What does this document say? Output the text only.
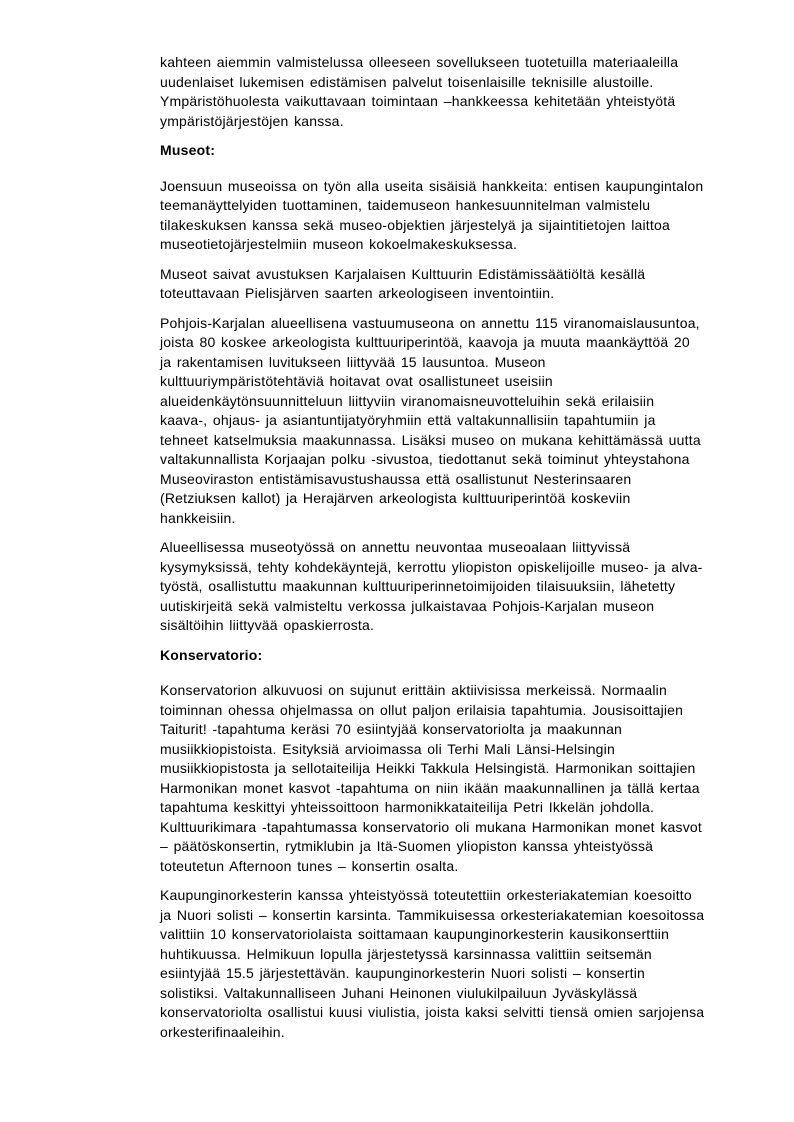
kahteen aiemmin valmistelussa olleeseen sovellukseen tuotetuilla materiaaleilla uudenlaiset lukemisen edistämisen palvelut toisenlaisille teknisille alustoille. Ympäristöhuolesta vaikuttavaan toimintaan –hankkeessa kehitetään yhteistyötä ympäristöjärjestöjen kanssa.

Museot:

Joensuun museoissa on työn alla useita sisäisiä hankkeita: entisen kaupungintalon teemanäyttelyiden tuottaminen, taidemuseon hankesuunnitelman valmistelu tilakeskuksen kanssa sekä museo-objektien järjestelyä ja sijaintitietojen laittoa museotietojärjestelmiin museon kokoelmakeskuksessa.

Museot saivat avustuksen Karjalaisen Kulttuurin Edistämissäätiöltä kesällä toteuttavaan Pielisjärven saarten arkeologiseen inventointiin.

Pohjois-Karjalan alueellisena vastuumuseona on annettu 115 viranomaislausuntoa, joista 80 koskee arkeologista kulttuuriperintöä, kaavoja ja muuta maankäyttöä 20 ja rakentamisen luvitukseen liittyvää 15 lausuntoa. Museon kulttuuriympäristötehtäviä hoitavat ovat osallistuneet useisiin alueidenkäytönsuunnitteluun liittyviin viranomaisneuvotteluihin sekä erilaisiin kaava-, ohjaus- ja asiantuntijatyöryhmiin että valtakunnallisiin tapahtumiin ja tehneet katselmuksia maakunnassa. Lisäksi museo on mukana kehittämässä uutta valtakunnallista Korjaajan polku -sivustoa, tiedottanut sekä toiminut yhteystahona Museoviraston entistämisavustushaussa että osallistunut Nesterinsaaren (Retziuksen kallot) ja Herajärven arkeologista kulttuuriperintöä koskeviin hankkeisiin.

Alueellisessa museotyössä on annettu neuvontaa museoalaan liittyvissä kysymyksissä, tehty kohdekäyntejä, kerrottu yliopiston opiskelijoille museo- ja alva-työstä, osallistuttu maakunnan kulttuuriperinnetoimijoiden tilaisuuksiin, lähetetty uutiskirjeitä sekä valmisteltu verkossa julkaistavaa Pohjois-Karjalan museon sisältöihin liittyvää opaskierrosta.

Konservatorio:

Konservatorion alkuvuosi on sujunut erittäin aktiivisissa merkeissä. Normaalin toiminnan ohessa ohjelmassa on ollut paljon erilaisia tapahtumia. Jousisoittajien Taiturit! -tapahtuma keräsi 70 esiintyjää konservatoriolta ja maakunnan musiikkiopistoista. Esityksiä arvioimassa oli Terhi Mali Länsi-Helsingin musiikkiopistosta ja sellotaiteilija Heikki Takkula Helsingistä. Harmonikan soittajien Harmonikan monet kasvot -tapahtuma on niin ikään maakunnallinen ja tällä kertaa tapahtuma keskittyi yhteissoittoon harmonikkataiteilija Petri Ikkelän johdolla. Kulttuurikimara -tapahtumassa konservatorio oli mukana Harmonikan monet kasvot – päätöskonsertin, rytmiklubin ja Itä-Suomen yliopiston kanssa yhteistyössä toteutetun Afternoon tunes – konsertin osalta.

Kaupunginorkesterin kanssa yhteistyössä toteutettiin orkesteriakatemian koesoitto ja Nuori solisti – konsertin karsinta. Tammikuisessa orkesteriakatemian koesoitossa valittiin 10 konservatoriolaista soittamaan kaupunginorkesterin kausikonserttiin huhtikuussa. Helmikuun lopulla järjestetyssä karsinnassa valittiin seitsemän esiintyjää 15.5 järjestettävän. kaupunginorkesterin Nuori solisti – konsertin solistiksi. Valtakunnalliseen Juhani Heinonen viulukilpailuun Jyväskylässä konservatoriolta osallistui kuusi viulistia, joista kaksi selvitti tiensä omien sarjojensa orkesterifinaaleihin.
